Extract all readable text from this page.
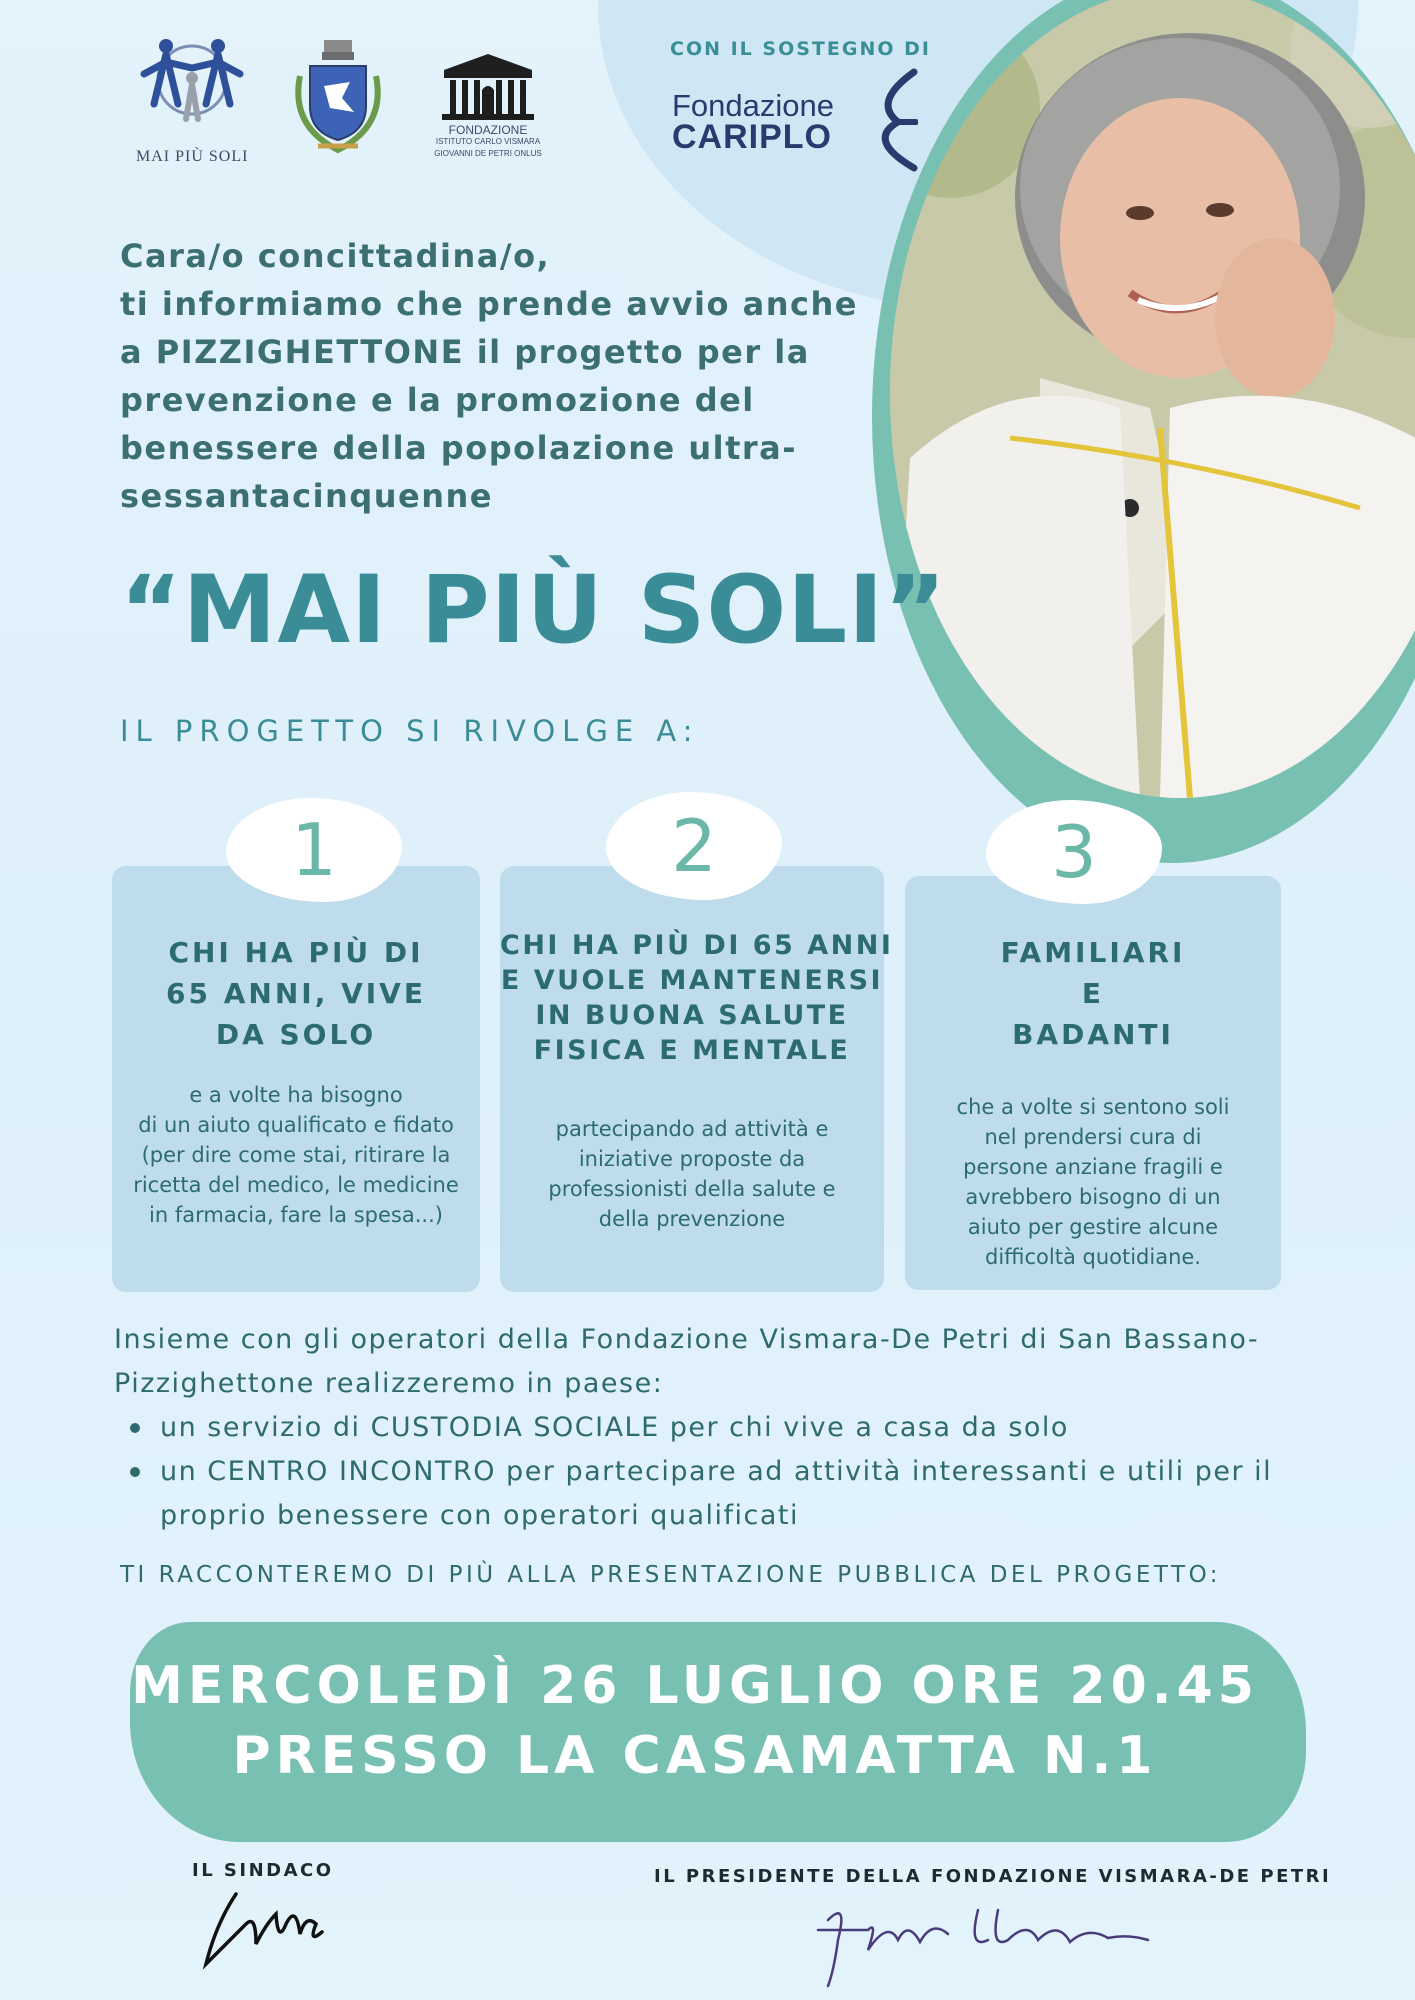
MAI PIÙ SOLI
FONDAZIONE
ISTITUTO CARLO VISMARA
GIOVANNI DE PETRI ONLUS
CON IL SOSTEGNO DI
Fondazione
CARIPLO
Cara/o concittadina/o,
ti informiamo che prende avvio anche
a PIZZIGHETTONE il progetto per la
prevenzione e la promozione del
benessere della popolazione ultra-
sessantacinquenne
“MAI PIÙ SOLI”
IL PROGETTO SI RIVOLGE A:
1
CHI HA PIÙ DI
65 ANNI, VIVE
DA SOLO
e a volte ha bisogno
di un aiuto qualificato e fidato
(per dire come stai, ritirare la
ricetta del medico, le medicine
in farmacia, fare la spesa...)
2
CHI HA PIÙ DI 65 ANNI
E VUOLE MANTENERSI
IN BUONA SALUTE
FISICA E MENTALE
partecipando ad attività e
iniziative proposte da
professionisti della salute e
della prevenzione
3
FAMILIARI
E
BADANTI
che a volte si sentono soli
nel prendersi cura di
persone anziane fragili e
avrebbero bisogno di un
aiuto per gestire alcune
difficoltà quotidiane.
Insieme con gli operatori della Fondazione Vismara-De Petri di San Bassano-
Pizzighettone realizzeremo in paese:
un servizio di CUSTODIA SOCIALE per chi vive a casa da solo
un CENTRO INCONTRO per partecipare ad attività interessanti e utili per il
proprio benessere con operatori qualificati
TI RACCONTEREMO DI PIÙ ALLA PRESENTAZIONE PUBBLICA DEL PROGETTO:
MERCOLEDÌ 26 LUGLIO ORE 20.45
PRESSO LA CASAMATTA N.1
IL SINDACO	IL PRESIDENTE DELLA FONDAZIONE VISMARA-DE PETRI
